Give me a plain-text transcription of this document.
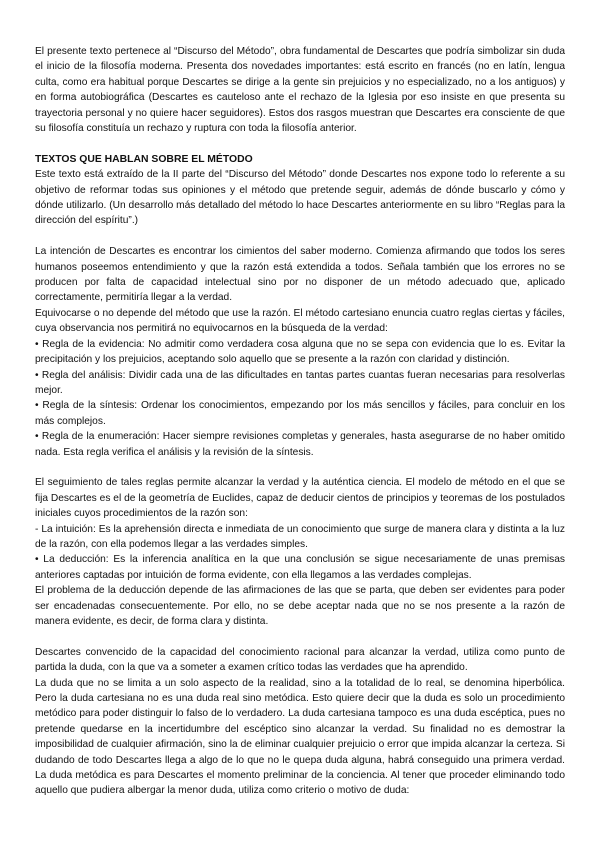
El presente texto pertenece al “Discurso del Método”, obra fundamental de Descartes que podría simbolizar sin duda el inicio de la filosofía moderna. Presenta dos novedades importantes: está escrito en francés (no en latín, lengua culta, como era habitual porque Descartes se dirige a la gente sin prejuicios y no especializado, no a los antiguos) y en forma autobiográfica (Descartes es cauteloso ante el rechazo de la Iglesia por eso insiste en que presenta su trayectoria personal y no quiere hacer seguidores). Estos dos rasgos muestran que Descartes era consciente de que su filosofía constituía un rechazo y ruptura con toda la filosofía anterior.

TEXTOS QUE HABLAN SOBRE EL MÉTODO

Este texto está extraído de la II parte del “Discurso del Método” donde Descartes nos expone todo lo referente a su objetivo de reformar todas sus opiniones y el método que pretende seguir, además de dónde buscarlo y cómo y dónde utilizarlo. (Un desarrollo más detallado del método lo hace Descartes anteriormente en su libro “Reglas para la dirección del espíritu”.)

La intención de Descartes es encontrar los cimientos del saber moderno. Comienza afirmando que todos los seres humanos poseemos entendimiento y que la razón está extendida a todos. Señala también que los errores no se producen por falta de capacidad intelectual sino por no disponer de un método adecuado que, aplicado correctamente, permitiría llegar a la verdad.

Equivocarse o no depende del método que use la razón. El método cartesiano enuncia cuatro reglas ciertas y fáciles, cuya observancia nos permitirá no equivocarnos en la búsqueda de la verdad:

• Regla de la evidencia: No admitir como verdadera cosa alguna que no se sepa con evidencia que lo es. Evitar la precipitación y los prejuicios, aceptando solo aquello que se presente a la razón con claridad y distinción.

• Regla del análisis: Dividir cada una de las dificultades en tantas partes cuantas fueran necesarias para resolverlas mejor.

• Regla de la síntesis: Ordenar los conocimientos, empezando por los más sencillos y fáciles, para concluir en los más complejos.

• Regla de la enumeración: Hacer siempre revisiones completas y generales, hasta asegurarse de no haber omitido nada. Esta regla verifica el análisis y la revisión de la síntesis.

El seguimiento de tales reglas permite alcanzar la verdad y la auténtica ciencia. El modelo de método en el que se fija Descartes es el de la geometría de Euclides, capaz de deducir cientos de principios y teoremas de los postulados iniciales cuyos procedimientos de la razón son:

- La intuición: Es la aprehensión directa e inmediata de un conocimiento que surge de manera clara y distinta a la luz de la razón, con ella podemos llegar a las verdades simples.

• La deducción: Es la inferencia analítica en la que una conclusión se sigue necesariamente de unas premisas anteriores captadas por intuición de forma evidente, con ella llegamos a las verdades complejas.

El problema de la deducción depende de las afirmaciones de las que se parta, que deben ser evidentes para poder ser encadenadas consecuentemente. Por ello, no se debe aceptar nada que no se nos presente a la razón de manera evidente, es decir, de forma clara y distinta.

Descartes convencido de la capacidad del conocimiento racional para alcanzar la verdad, utiliza como punto de partida la duda, con la que va a someter a examen crítico todas las verdades que ha aprendido.

La duda que no se limita a un solo aspecto de la realidad, sino a la totalidad de lo real, se denomina hiperbólica. Pero la duda cartesiana no es una duda real sino metódica. Esto quiere decir que la duda es solo un procedimiento metódico para poder distinguir lo falso de lo verdadero. La duda cartesiana tampoco es una duda escéptica, pues no pretende quedarse en la incertidumbre del escéptico sino alcanzar la verdad. Su finalidad no es demostrar la imposibilidad de cualquier afirmación, sino la de eliminar cualquier prejuicio o error que impida alcanzar la certeza. Si dudando de todo Descartes llega a algo de lo que no le quepa duda alguna, habrá conseguido una primera verdad. La duda metódica es para Descartes el momento preliminar de la conciencia. Al tener que proceder eliminando todo aquello que pudiera albergar la menor duda, utiliza como criterio o motivo de duda:
